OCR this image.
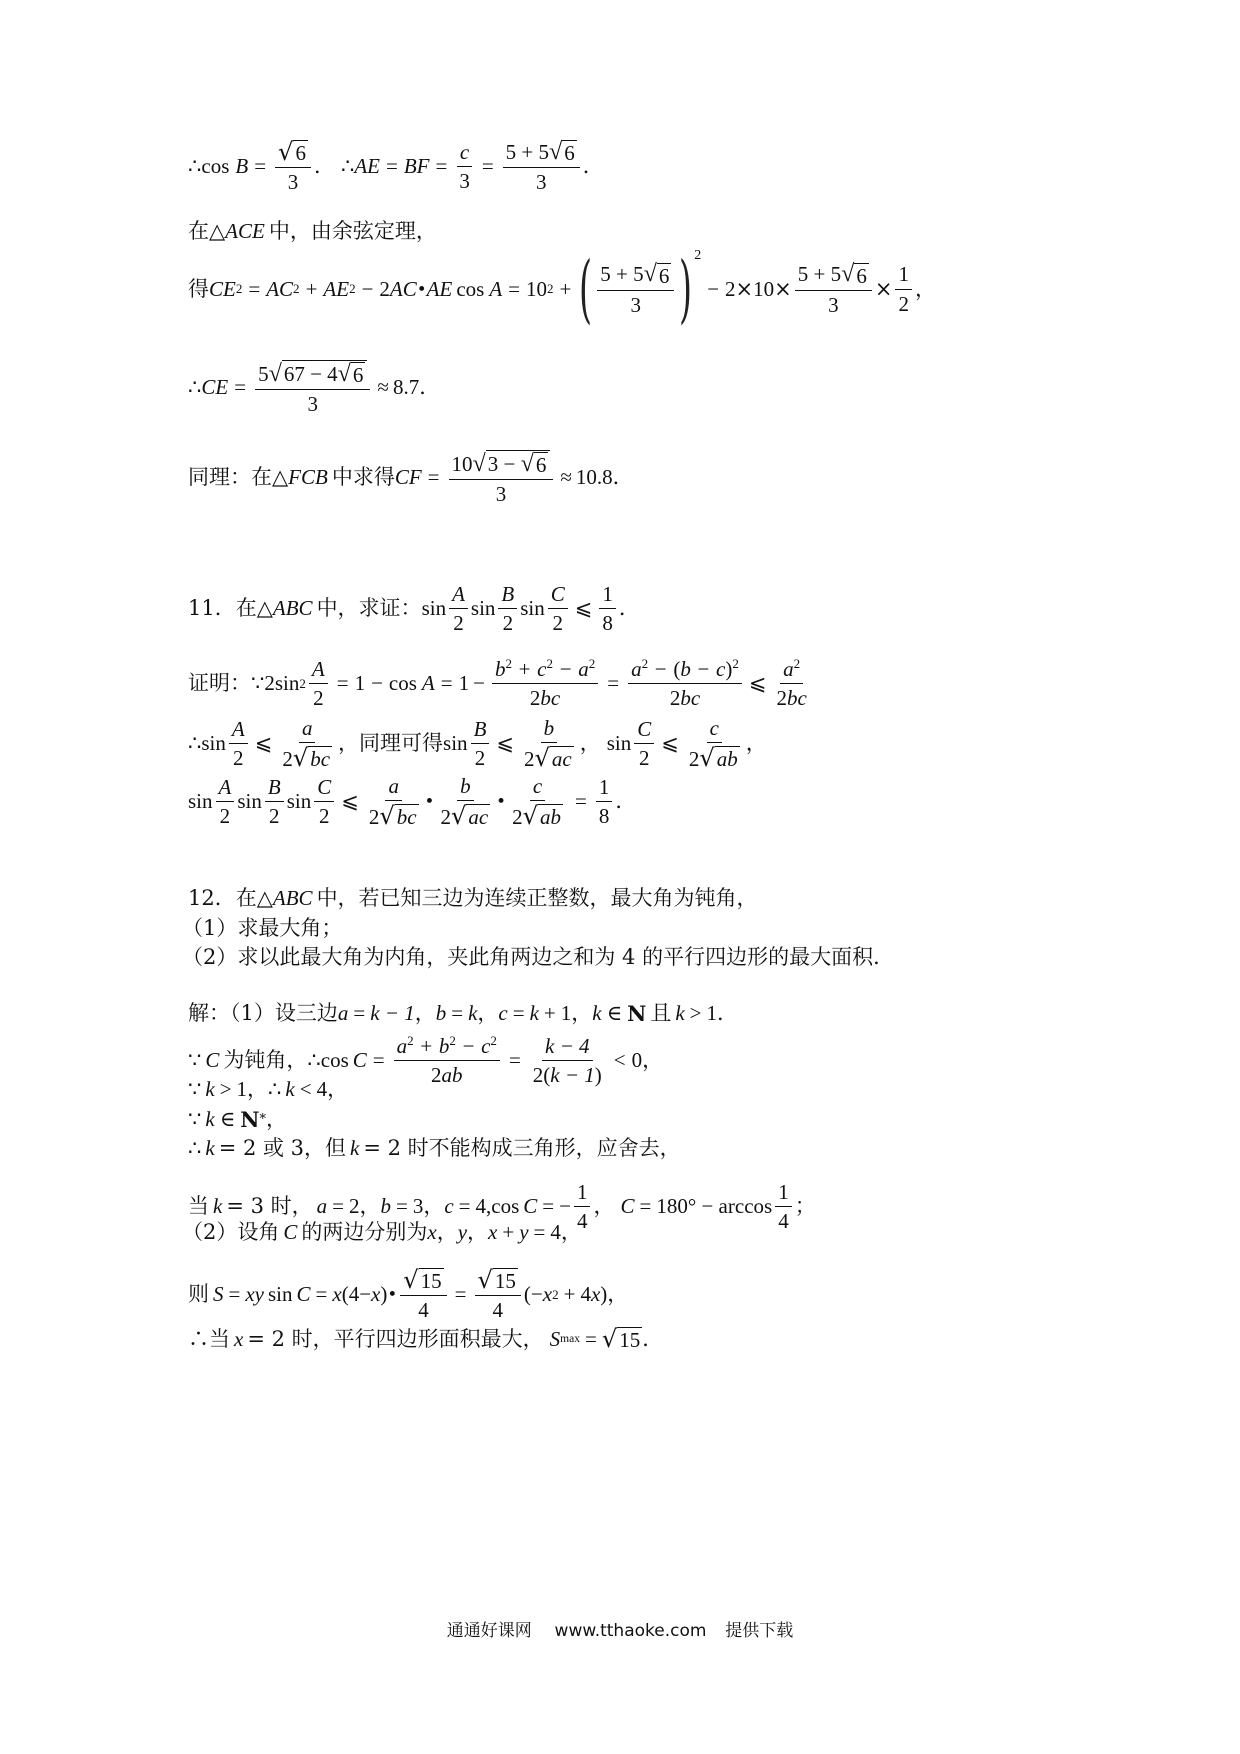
∴ $\cos B = \frac{√ 6}{3}$ ． ∴ AE = BF = $\frac{c}{3} = \frac{5 + 5 √ 6}{3}$ ．
在 △ ACE 中，由余弦定理，
得 CE 2 = AC 2 + AE 2 − 2 AC • AE cos A = 10 2 + ( $\frac{5 + 5 √ 6}{3}$ ) 2
− $2 \times 10 \times \frac{5 + 5 √ 6}{3} \times \frac{1}{2}$ ，
∴ CE = $\frac{5 √ 67 - 4 √ 6}{3} \approx 8.7$ ．
同理：在 △ FCB 中求得 CF = $\frac{10 √ 3 - √ 6}{3} \approx 10.8$ ．
11．在 △ ABC 中，求证： $\sin \frac{A}{2}$ $\sin \frac{B}{2}$ $\sin \frac{C}{2}$ ⩽ $\frac{1}{8}$ ．
证明： ∵ 2 $\sin 2 \frac{A}{2} = 1 - \cos A = 1 - \frac{b^2 + c^2 - a^2}{2bc} = \frac{a^2 - (b - c)^2}{2bc}$ ⩽ $\frac{a^2}{2bc}$
∴ $\sin \frac{A}{2}$ ⩽ $\frac{a}{2 √ bc}$ ，同理可得 $\sin \frac{B}{2}$ ⩽ $\frac{b}{2 √ ac}$ ， $\sin \frac{C}{2}$ ⩽ $\frac{c}{2 √ ab}$ ，
$\sin \frac{A}{2}$ $\sin \frac{B}{2}$ $\sin \frac{C}{2}$ ⩽ $\frac{a}{2 √ bc}$ • $\frac{b}{2 √ ac}$ • $\frac{c}{2 √ ab} = \frac{1}{8}$ ．
12．在 △ ABC 中，若已知三边为连续正整数，最大角为钝角，
（1）求最大角；
（2）求以此最大角为内角，夹此角两边之和为 4 的平行四边形的最大面积．
解：（1）设三边 a = k − 1 ， b = k ， c = k + 1 ， k ∈ N 且 k > 1 ．
∵ C 为钝角， ∴ $\cos C = \frac{a^2 + b^2 - c^2}{2ab} = \frac{k - 4}{2(k - 1)} < 0$ ，
∵ k > 1 ， ∴ k < 4 ，
∵ k ∈ N * ，
∴ k = 2 或 3，但 k = 2 时不能构成三角形，应舍去，
当 k = 3 时， a = 2 ， b = 3 ， c = 4 , cos C = − $\frac{1}{4}$ ， $C = 180^\circ - \arccos \frac{1}{4}$ ；
（2）设角 C 的两边分别为 x ， y ， x + y = 4 ，
则 S = x y sin C = x ( 4 − x ) • $\frac{√ 15}{4} = \frac{√ 15}{4}$ ( − x 2 + 4 x ) ，
∴当 x = 2 时，平行四边形面积最大， S max = √ 15 ．
通通好课网 www.tthaoke.com 提供下载
